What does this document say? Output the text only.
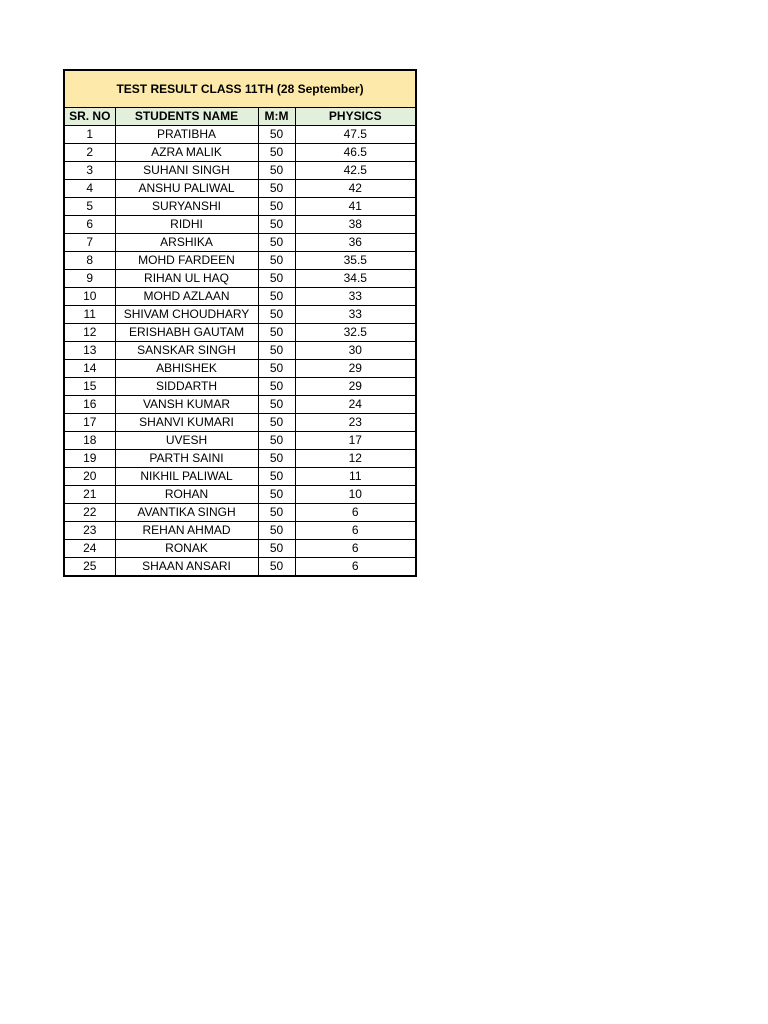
TEST RESULT CLASS 11TH (28 September)			
SR. NO	STUDENTS NAME	M:M	PHYSICS
1	PRATIBHA	50	47.5
2	AZRA MALIK	50	46.5
3	SUHANI SINGH	50	42.5
4	ANSHU PALIWAL	50	42
5	SURYANSHI	50	41
6	RIDHI	50	38
7	ARSHIKA	50	36
8	MOHD FARDEEN	50	35.5
9	RIHAN UL HAQ	50	34.5
10	MOHD AZLAAN	50	33
11	SHIVAM CHOUDHARY	50	33
12	ERISHABH GAUTAM	50	32.5
13	SANSKAR SINGH	50	30
14	ABHISHEK	50	29
15	SIDDARTH	50	29
16	VANSH KUMAR	50	24
17	SHANVI KUMARI	50	23
18	UVESH	50	17
19	PARTH SAINI	50	12
20	NIKHIL PALIWAL	50	11
21	ROHAN	50	10
22	AVANTIKA SINGH	50	6
23	REHAN AHMAD	50	6
24	RONAK	50	6
25	SHAAN ANSARI	50	6
